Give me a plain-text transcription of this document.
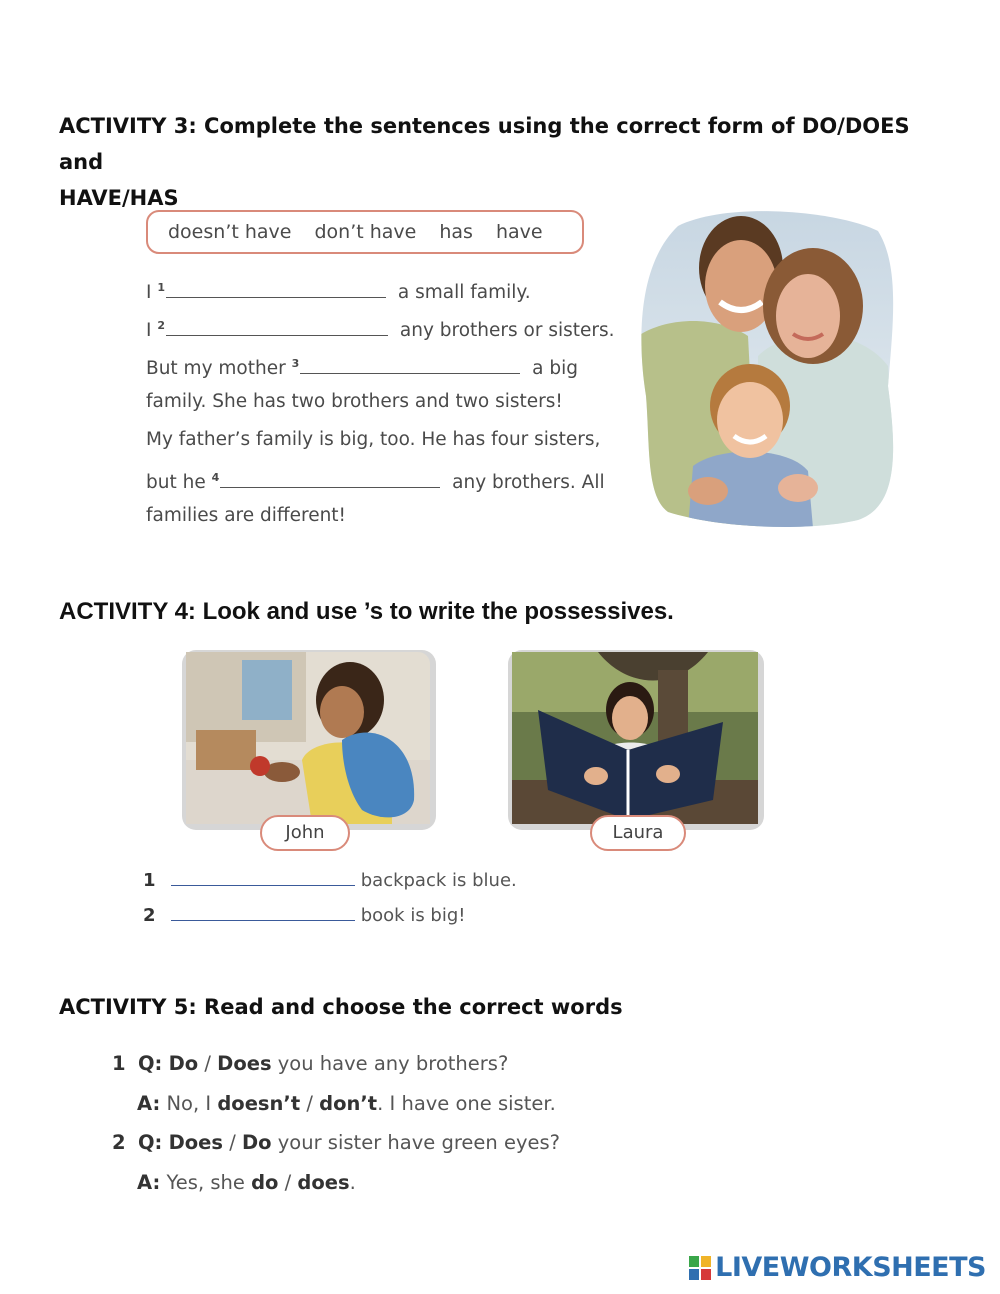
ACTIVITY 3: Complete the sentences using the correct form of DO/DOES and
HAVE/HAS
doesn’t have don’t have has have
I $^1$	a small family.
I $^2$	any brothers or sisters.
But my mother $^3$	a big
family. She has two brothers and two sisters!
My father’s family is big, too. He has four sisters,
but he $^4$	any brothers. All
families are different!
ACTIVITY 4: Look and use ’s to write the possessives.
John	Laura
1	backpack is blue.
2	book is big!
ACTIVITY 5: Read and choose the correct words
1 Q: Do / Does you have any brothers?
A: No, I doesn’t / don’t. I have one sister.
2 Q: Does / Do your sister have green eyes?
A: Yes, she do / does.
LIVEWORKSHEETS
